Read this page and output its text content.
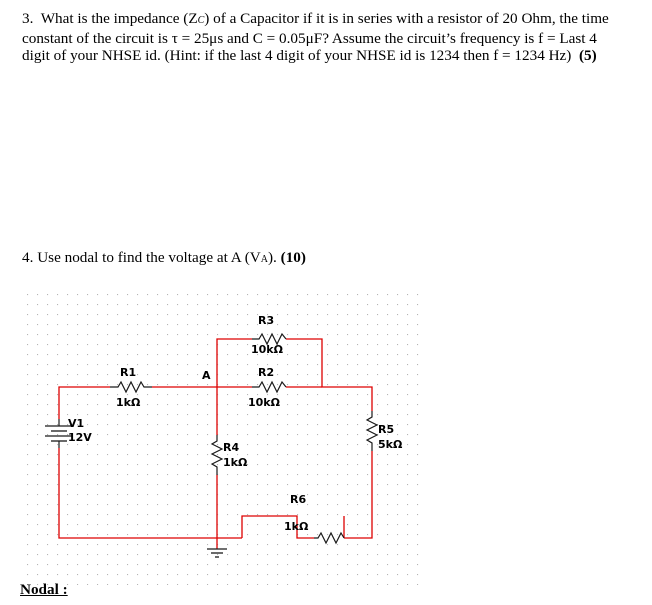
3. What is the impedance (ZC) of a Capacitor if it is in series with a resistor of 20 Ohm, the time
constant of the circuit is τ = 25μs and C = 0.05μF? Assume the circuit’s frequency is f = Last 4
digit of your NHSE id. (Hint: if the last 4 digit of your NHSE id is 1234 then f = 1234 Hz) (5)
4. Use nodal to find the voltage at A (VA). (10)
V1
12V
R1
1kΩ
A
R3
10kΩ
R2
10kΩ
R4
1kΩ
R5
5kΩ
R6
1kΩ
Nodal :
